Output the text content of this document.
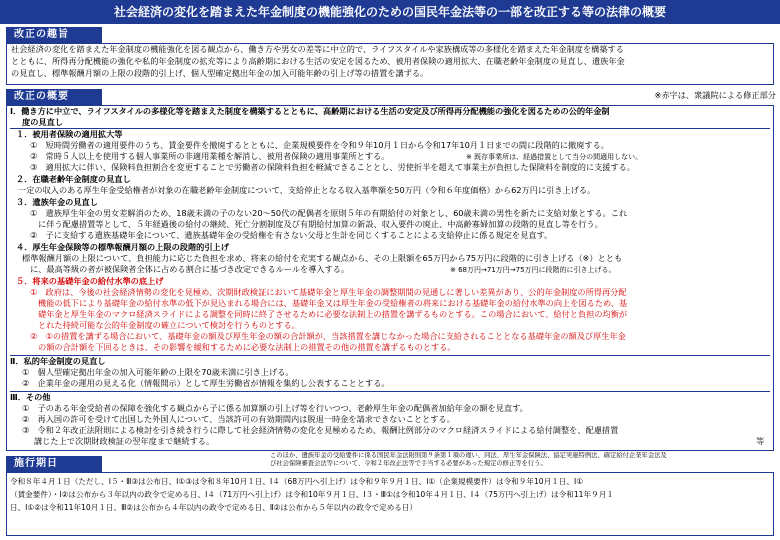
社会経済の変化を踏まえた年金制度の機能強化のための国民年金法等の一部を改正する等の法律の概要
改正の趣旨
社会経済の変化を踏まえた年金制度の機能強化を図る観点から、働き方や男女の差等に中立的で、ライフスタイルや家族構成等の多様化を踏まえた年金制度を構築する
とともに、所得再分配機能の強化や私的年金制度の拡充等により高齢期における生活の安定を図るため、被用者保険の適用拡大、在職老齢年金制度の見直し、遺族年金
の見直し、標準報酬月額の上限の段階的引上げ、個人型確定拠出年金の加入可能年齢の引上げ等の措置を講ずる。
改正の概要	※赤字は、衆議院による修正部分
Ⅰ．働き方に中立で、ライフスタイルの多様化等を踏まえた制度を構築するとともに、高齢期における生活の安定及び所得再分配機能の強化を図るための公的年金制
度の見直し
１．被用者保険の適用拡大等
①　短時間労働者の適用要件のうち、賃金要件を撤廃するとともに、企業規模要件を令和９年10月１日から令和17年10月１日までの間に段階的に撤廃する。
②　常時５人以上を使用する個人事業所の非適用業種を解消し、被用者保険の適用事業所とする。	※ 既存事業所は、経過措置として当分の間適用しない。
③　適用拡大に伴い、保険料負担割合を変更することで労働者の保険料負担を軽減できることとし、労使折半を超えて事業主が負担した保険料を制度的に支援する。
２．在職老齢年金制度の見直し
一定の収入のある厚生年金受給権者が対象の在職老齢年金制度について、支給停止となる収入基準額を50万円（令和６年度価格）から62万円に引き上げる。
３．遺族年金の見直し
①　遺族厚生年金の男女差解消のため、18歳未満の子のない20～50代の配偶者を原則５年の有期給付の対象とし、60歳未満の男性を新たに支給対象とする。これ
に伴う配慮措置等として、５年経過後の給付の継続、死亡分割制度及び有期給付加算の新設、収入要件の廃止、中高齢寡婦加算の段階的見直し等を行う。
②　子に支給する遺族基礎年金について、遺族基礎年金の受給権を有さない父母と生計を同じくすることによる支給停止に係る規定を見直す。
４．厚生年金保険等の標準報酬月額の上限の段階的引上げ
標準報酬月額の上限について、負担能力に応じた負担を求め、将来の給付を充実する観点から、その上限額を65万円から75万円に段階的に引き上げる（※）ととも
に、最高等級の者が被保険者全体に占める割合に基づき改定できるルールを導入する。	※ 68万円→71万円→75万円に段階的に引き上げる。
５．将来の基礎年金の給付水準の底上げ
①　政府は、今後の社会経済情勢の変化を見極め、次期財政検証において基礎年金と厚生年金の調整期間の見通しに著しい差異があり、公的年金制度の所得再分配
機能の低下により基礎年金の給付水準の低下が見込まれる場合には、基礎年金又は厚生年金の受給権者の将来における基礎年金の給付水準の向上を図るため、基
礎年金と厚生年金のマクロ経済スライドによる調整を同時に終了させるために必要な法制上の措置を講ずるものとする。この場合において、給付と負担の均衡が
とれた持続可能な公的年金制度の確立について検討を行うものとする。
②　①の措置を講ずる場合において、基礎年金の額及び厚生年金の額の合計額が、当該措置を講じなかった場合に支給されることとなる基礎年金の額及び厚生年金
の額の合計額を下回るときは、その影響を緩和するために必要な法制上の措置その他の措置を講ずるものとする。
Ⅱ．私的年金制度の見直し
①　個人型確定拠出年金の加入可能年齢の上限を70歳未満に引き上げる。
②　企業年金の運用の見える化（情報開示）として厚生労働省が情報を集約し公表することとする。
Ⅲ．その他
①　子のある年金受給者の保障を強化する観点から子に係る加算額の引上げ等を行いつつ、老齢厚生年金の配偶者加給年金の額を見直す。
②　再入国の許可を受けて出国した外国人について、当該許可の有効期間内は脱退一時金を請求できないこととする。
③　令和２年改正法附則による検討を引き続き行うに際して社会経済情勢の変化を見極めるため、報酬比例部分のマクロ経済スライドによる給付調整を、配慮措置
講じた上で次期財政検証の翌年度まで継続する。	等
施行期日
このほか、遺族年金の受給要件に係る国民年金法附則第９条第１項の違い、同法、厚生年金保険法、協定実施特例法、確定給付企業年金法及
び社会保険審査会法等について、令和２年改正法等で手当する必要があった規定の修正等を行う。
令和８年４月１日（ただし、Ⅰ５・Ⅲ③は公布日、Ⅰ①③は令和８年10月１日、Ⅰ４（68万円へ引上げ）は令和９年９月１日、Ⅰ①（企業規模要件）は令和９年10月１日、Ⅰ①
（賃金要件）・Ⅰ②は公布から３年以内の政令で定める日、Ⅰ４（71万円へ引上げ）は令和10年９月１日、Ⅰ３・Ⅲ①は令和10年４月１日、Ⅰ４（75万円へ引上げ）は令和11年９月１
日、Ⅰ①②は令和11年10月１日、Ⅲ②は公布から４年以内の政令で定める日、Ⅱ②は公布から５年以内の政令で定める日）
